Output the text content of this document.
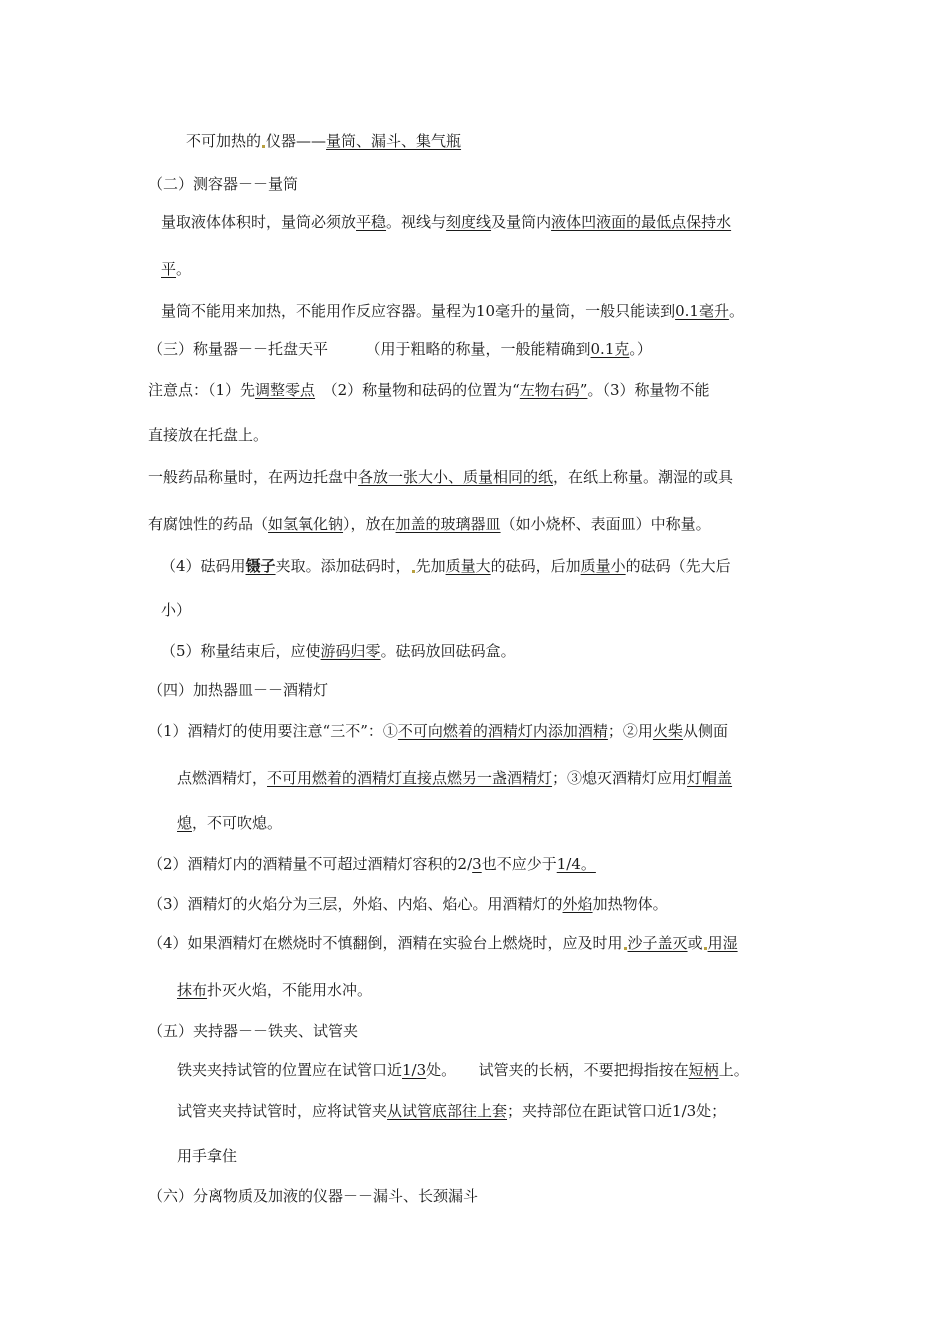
不可加热的 仪器——量筒、漏斗、集气瓶
（二）测容器－－量筒
量取液体体积时，量筒必须放平稳。视线与刻度线及量筒内液体凹液面的最低点保持水
平。
量筒不能用来加热，不能用作反应容器。量程为10毫升的量筒，一般只能读到0.1毫升。
（三）称量器－－托盘天平　　　（用于粗略的称量，一般能精确到0.1克。）
注意点：（1）先调整零点　（2）称量物和砝码的位置为“左物右码”。（3）称量物不能
直接放在托盘上。
一般药品称量时，在两边托盘中各放一张大小、质量相同的纸，在纸上称量。潮湿的或具
有腐蚀性的药品（如氢氧化钠），放在加盖的玻璃器皿（如小烧杯、表面皿）中称量。
（4）砝码用镊子夹取。添加砝码时， 先加质量大的砝码，后加质量小的砝码（先大后
小）
（5）称量结束后，应使游码归零。砝码放回砝码盒。
（四）加热器皿－－酒精灯
（1）酒精灯的使用要注意“三不”：①不可向燃着的酒精灯内添加酒精；②用火柴从侧面
点燃酒精灯，不可用燃着的酒精灯直接点燃另一盏酒精灯；③熄灭酒精灯应用灯帽盖
熄，不可吹熄。
（2）酒精灯内的酒精量不可超过酒精灯容积的2/3也不应少于1/4。
（3）酒精灯的火焰分为三层，外焰、内焰、焰心。用酒精灯的外焰加热物体。
（4）如果酒精灯在燃烧时不慎翻倒，酒精在实验台上燃烧时，应及时用 沙子盖灭或 用湿
抹布扑灭火焰，不能用水冲。
（五）夹持器－－铁夹、试管夹
铁夹夹持试管的位置应在试管口近1/3处。　　试管夹的长柄，不要把拇指按在短柄上。
试管夹夹持试管时，应将试管夹从试管底部往上套；夹持部位在距试管口近1/3处；
用手拿住
（六）分离物质及加液的仪器－－漏斗、长颈漏斗
